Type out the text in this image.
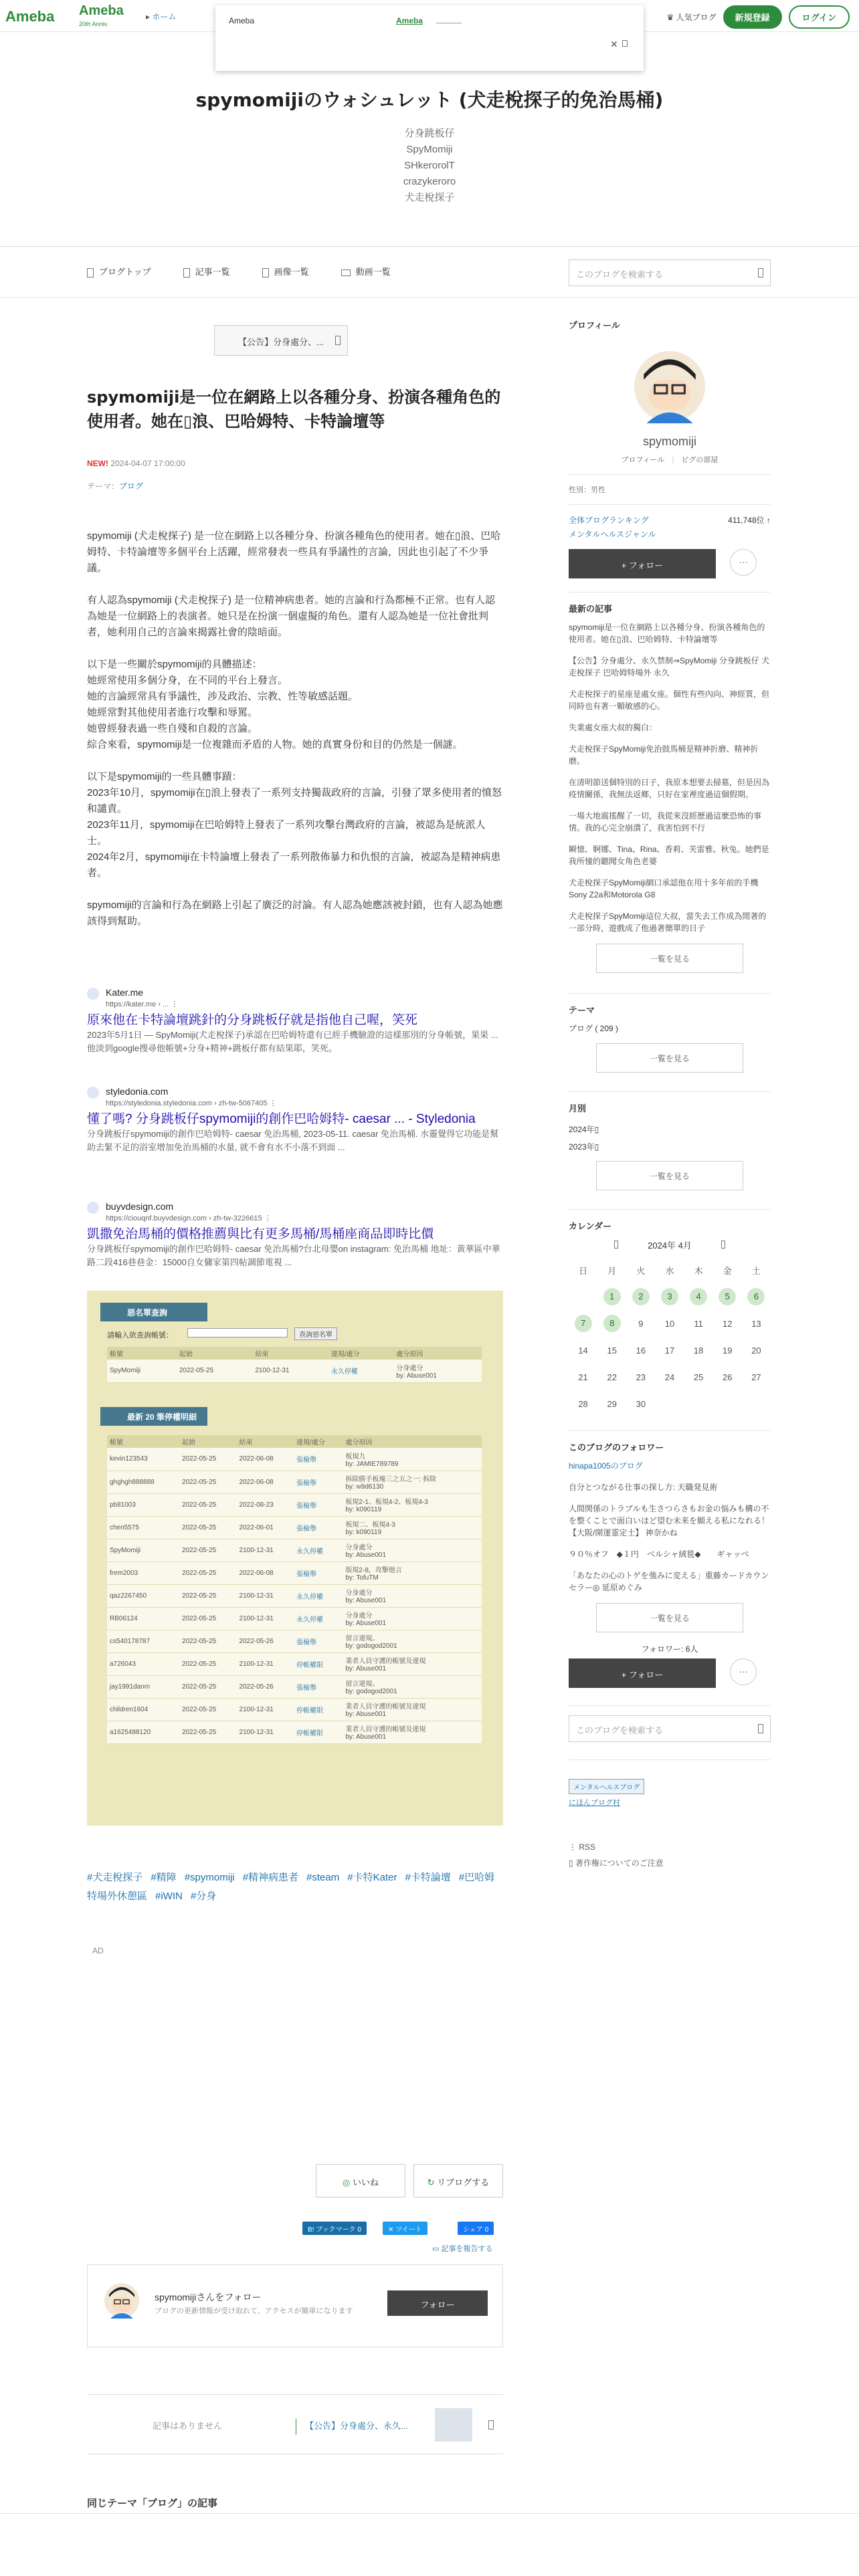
Ameba Ameba
20th Anniv.
▸ ホーム	♛ 人気ブログ	新規登録	ログイン
Ameba	Ameba
✕
spymomijiのウォシュレット (犬走梲探子的免治馬桶)
分身跳板仔
SpyMomiji
SHkerorolT
crazykeroro
犬走梲探子
ブログトップ	記事一覧	画像一覧	動画一覧	このブログを検索する
【公告】分身處分、...
spymomiji是一位在網路上以各種分身、扮演各種角色的使用者。她在▯浪、巴哈姆特、卡特論壇等
NEW! 2024-04-07 17:00:00
テーマ：ブログ

spymomiji (犬走梲探子) 是一位在網路上以各種分身、扮演各種角色的使用者。她在▯浪、巴哈姆特、卡特論壇等多個平台上活躍，經常發表一些具有爭議性的言論，因此也引起了不少爭議。

有人認為spymomiji (犬走梲探子) 是一位精神病患者。她的言論和行為都極不正常。也有人認為她是一位網路上的表演者。她只是在扮演一個虛擬的角色。還有人認為她是一位社會批判者，她利用自己的言論來揭露社會的陰暗面。

以下是一些關於spymomiji的具體描述：
她經常使用多個分身，在不同的平台上發言。
她的言論經常具有爭議性，涉及政治、宗教、性等敏感話題。
她經常對其他使用者進行攻擊和辱罵。
她曾經發表過一些自殘和自殺的言論。
綜合來看，spymomiji是一位複雜而矛盾的人物。她的真實身份和目的仍然是一個謎。

以下是spymomiji的一些具體事蹟：
2023年10月，spymomiji在▯浪上發表了一系列支持獨裁政府的言論，引發了眾多使用者的憤怒和譴責。
2023年11月，spymomiji在巴哈姆特上發表了一系列攻擊台灣政府的言論，被認為是統派人士。
2024年2月，spymomiji在卡特論壇上發表了一系列散佈暴力和仇恨的言論，被認為是精神病患者。

spymomiji的言論和行為在網路上引起了廣泛的討論。有人認為她應該被封鎖，也有人認為她應該得到幫助。

Kater.me
https://kater.me › ... ⋮
原來他在卡特論壇跳針的分身跳板仔就是指他自己喔，笑死
2023年5月1日 — SpyMomiji(犬走梲探子)承認在巴哈姆特還有已經手機驗證的這樣那別的分身帳號，果果 ... 他淡到google搜尋他帳號+分身+精神+跳板仔都有結果耶，笑死。
styledonia.com
https://styledonia.styledonia.com › zh-tw-5067405 ⋮
懂了嗎? 分身跳板仔spymomiji的創作巴哈姆特- caesar ... - Styledonia
分身跳板仔spymomiji的創作巴哈姆特- caesar 免治馬桶, 2023-05-11. caesar 免治馬桶. 水靈覺得它功能是幫助去緊不足的浴室增加免治馬桶的水量, 就不會有水不小落不到面 ...
buyvdesign.com
https://ciouqnf.buyvdesign.com › zh-tw-3226615 ⋮
凱撒免治馬桶的價格推薦與比有更多馬桶/馬桶座商品即時比價
分身跳板仔spymomiji的創作巴哈姆特- caesar 免治馬桶?台北母嬰on instagram: 免治馬桶 地址：黃華區中華路二段416巷巷金：15000自女傭家第四帖調節電視 ...
惡名單查詢
請輸入欲查詢帳號：	查詢惡名單
帳號	起始	結束	違規/處分	處分原因
SpyMomiji	2022-05-25	2100-12-31	永久停權	分身處分
by: Abuse001
最新 20 筆停權明細
帳號	起始	結束	違規/處分	處分原因
kevin123543	2022-05-25	2022-06-08	張檢舉	板規九
by: JAMIE789789
ghghgh888888	2022-05-25	2022-06-08	張檢舉	拆除勝手板塊三之五之一: 拆除
by: w9d6130
pb81003	2022-05-25	2022-08-23	張檢舉	板規2-1、板規4-2、板規4-3
by: k090119
chen5575	2022-05-25	2022-06-01	張檢舉	板規二、板規4-3
by: k090119
SpyMomiji	2022-05-25	2100-12-31	永久停權	分身處分
by: Abuse001
frem2003	2022-05-25	2022-06-08	張檢舉	版規2-8，攻擊他言
by: TofuTM
qaz2267450	2022-05-25	2100-12-31	永久停權	分身處分
by: Abuse001
RB06124	2022-05-25	2100-12-31	永久停權	分身處分
by: Abuse001
cs540178787	2022-05-25	2022-05-26	張檢舉	留言違規。
by: godogod2001
a726043	2022-05-25	2100-12-31	停帳權限	業者人員守護的帳號及違規
by: Abuse001
jay1991danm	2022-05-25	2022-05-26	張檢舉	留言違規。
by: godogod2001
children1604	2022-05-25	2100-12-31	停帳權限	業者人員守護的帳號及違規
by: Abuse001
a1625488120	2022-05-25	2100-12-31	停帳權限	業者人員守護的帳號及違規
by: Abuse001
#犬走梲探子 #精障 #spymomiji #精神病患者 #steam #卡特Kater #卡特論壇 #巴哈姆特場外休憩區 #iWIN #分身
AD
◎ いいね	↻ リブログする
B! ブックマーク 0	✕ ツイート	シェア 0
▭ 記事を報告する
spymomijiさんをフォロー
ブログの更新情報が受け取れて、アクセスが簡単になります
フォロー
記事はありません	【公告】分身處分、永久...
同じテーマ「ブログ」の記事
プロフィール
spymomiji
プロフィール | ピグの部屋
性別：男性
全体ブログランキング	411,748位 ↑
メンタルヘルスジャンル
+ フォロー	···
最新の記事

spymomiji是一位在網路上以各種分身、扮演各種角色的使用者。她在▯浪、巴哈姆特、卡特論壇等

【公告】分身處分、永久禁制⇒SpyMomiji 分身跳板仔 犬走梲探子 巴哈姆特場外 永久

犬走梲探子的星座是處女座。個性有些內向、神經質，但同時也有著一顆敏感的心。

失業處女座大叔的獨白：

犬走梲探子SpyMomiji免治鼓馬桶是精神折磨、精神折磨。

在清明節送個特別的日子，我原本想要去掃墓，但是因為疫情關係，我無法返鄉，只好在家裡度過這個假期。

一場大地震搖醒了一切，我從來沒經歷過這麼恐怖的事情。我的心完全崩潰了，我害怕到不行

瞬憶、婀娜、Tina、Rina、香莉、芙雷雅、秋兔。她們是我所憧的聽聞女角色老婆

犬走梲探子SpyMomiji網口承認他在用十多年前的手機Sony Z2a和Motorola G8

犬走梲探子SpyMomiji這位大叔，當失去工作成為閒著的一部分時，遊戲成了他過著簡單的日子

一覧を見る
テーマ
ブログ ( 209 )
一覧を見る
月別
2024年▯
2023年▯
一覧を見る
カレンダー
2024年 4月
日	月	火	水	木	金	土
	1	2	3	4	5	6
7	8	9	10	11	12	13
14	15	16	17	18	19	20
21	22	23	24	25	26	27
28	29	30				
このブログのフォロワー

hinapa1005のブログ

自分とつながる仕事の探し方: 天職発見術

人間関係のトラブルも生さつらさもお金の悩みも構の不を整くことで面白いほど望む未来を願える私になれる！【大阪/開運霊定士】 神奈かね

９０％オフ　◆１円　ベルシャ絨毯◆　　ギャッベ

「あなたの心のトゲを強みに変える」重藤カードカウンセラー◎ 延原めぐみ

一覧を見る
フォロワー: 6人
+ フォロー	···
このブログを検索する
メンタルヘルスブログ
にほんブログ村
⋮ RSS
▯ 著作権についてのご注意
